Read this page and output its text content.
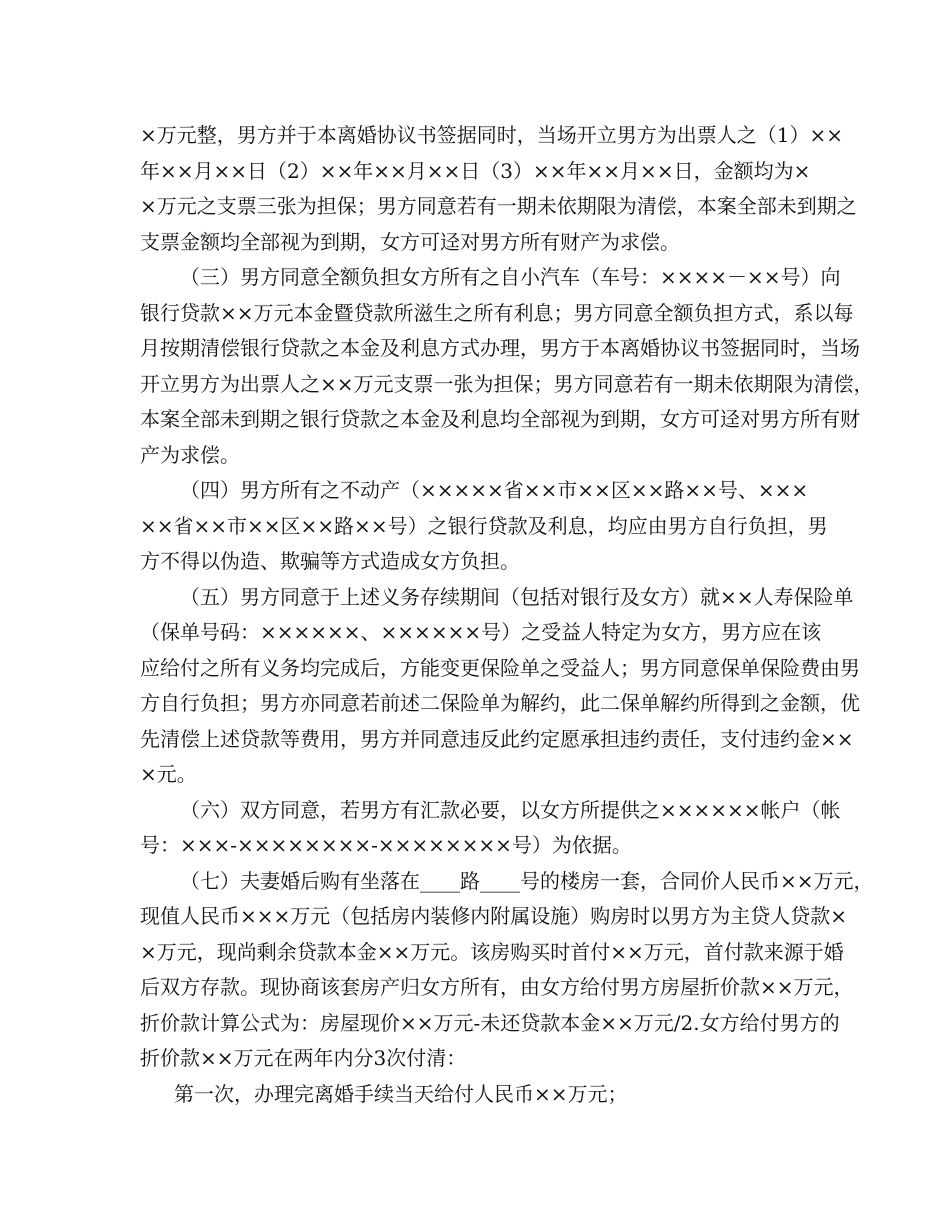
×万元整，男方并于本离婚协议书签据同时，当场开立男方为出票人之（1）××
年××月××日（2）××年××月××日（3）××年××月××日，金额均为×
×万元之支票三张为担保；男方同意若有一期未依期限为清偿，本案全部未到期之
支票金额均全部视为到期，女方可迳对男方所有财产为求偿。
（三）男方同意全额负担女方所有之自小汽车（车号：××××－××号）向
银行贷款××万元本金暨贷款所滋生之所有利息；男方同意全额负担方式，系以每
月按期清偿银行贷款之本金及利息方式办理，男方于本离婚协议书签据同时，当场
开立男方为出票人之××万元支票一张为担保；男方同意若有一期未依期限为清偿，
本案全部未到期之银行贷款之本金及利息均全部视为到期，女方可迳对男方所有财
产为求偿。
（四）男方所有之不动产（×××××省××市××区××路××号、×××
××省××市××区××路××号）之银行贷款及利息，均应由男方自行负担，男
方不得以伪造、欺骗等方式造成女方负担。
（五）男方同意于上述义务存续期间（包括对银行及女方）就××人寿保险单
（保单号码：××××××、××××××号）之受益人特定为女方，男方应在该
应给付之所有义务均完成后，方能变更保险单之受益人；男方同意保单保险费由男
方自行负担；男方亦同意若前述二保险单为解约，此二保单解约所得到之金额，优
先清偿上述贷款等费用，男方并同意违反此约定愿承担违约责任，支付违约金××
×元。
（六）双方同意，若男方有汇款必要，以女方所提供之××××××帐户（帐
号：×××-××××××××-××××××××号）为依据。
（七）夫妻婚后购有坐落在____路____号的楼房一套，合同价人民币××万元，
现值人民币×××万元（包括房内装修内附属设施）购房时以男方为主贷人贷款×
×万元，现尚剩余贷款本金××万元。该房购买时首付××万元，首付款来源于婚
后双方存款。现协商该套房产归女方所有，由女方给付男方房屋折价款××万元，
折价款计算公式为：房屋现价××万元-未还贷款本金××万元/2.女方给付男方的
折价款××万元在两年内分3次付清：
第一次，办理完离婚手续当天给付人民币××万元；
